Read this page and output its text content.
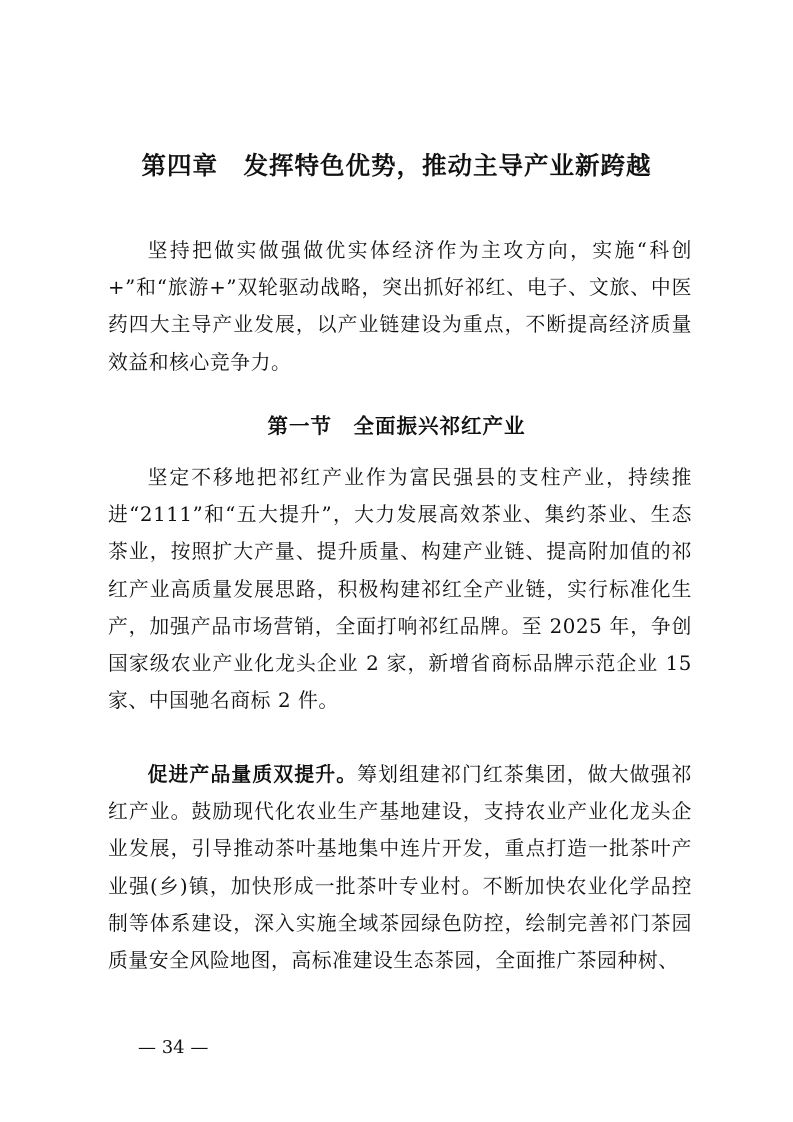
第四章　发挥特色优势，推动主导产业新跨越

坚持把做实做强做优实体经济作为主攻方向，实施“科创+”和“旅游+”双轮驱动战略，突出抓好祁红、电子、文旅、中医药四大主导产业发展，以产业链建设为重点，不断提高经济质量效益和核心竞争力。

第一节　全面振兴祁红产业

坚定不移地把祁红产业作为富民强县的支柱产业，持续推进“2111”和“五大提升”，大力发展高效茶业、集约茶业、生态茶业，按照扩大产量、提升质量、构建产业链、提高附加值的祁红产业高质量发展思路，积极构建祁红全产业链，实行标准化生产，加强产品市场营销，全面打响祁红品牌。至 2025 年，争创国家级农业产业化龙头企业 2 家，新增省商标品牌示范企业 15 家、中国驰名商标 2 件。

促进产品量质双提升。筹划组建祁门红茶集团，做大做强祁红产业。鼓励现代化农业生产基地建设，支持农业产业化龙头企业发展，引导推动茶叶基地集中连片开发，重点打造一批茶叶产业强(乡)镇，加快形成一批茶叶专业村。不断加快农业化学品控制等体系建设，深入实施全域茶园绿色防控，绘制完善祁门茶园质量安全风险地图，高标准建设生态茶园，全面推广茶园种树、

— 34 —
